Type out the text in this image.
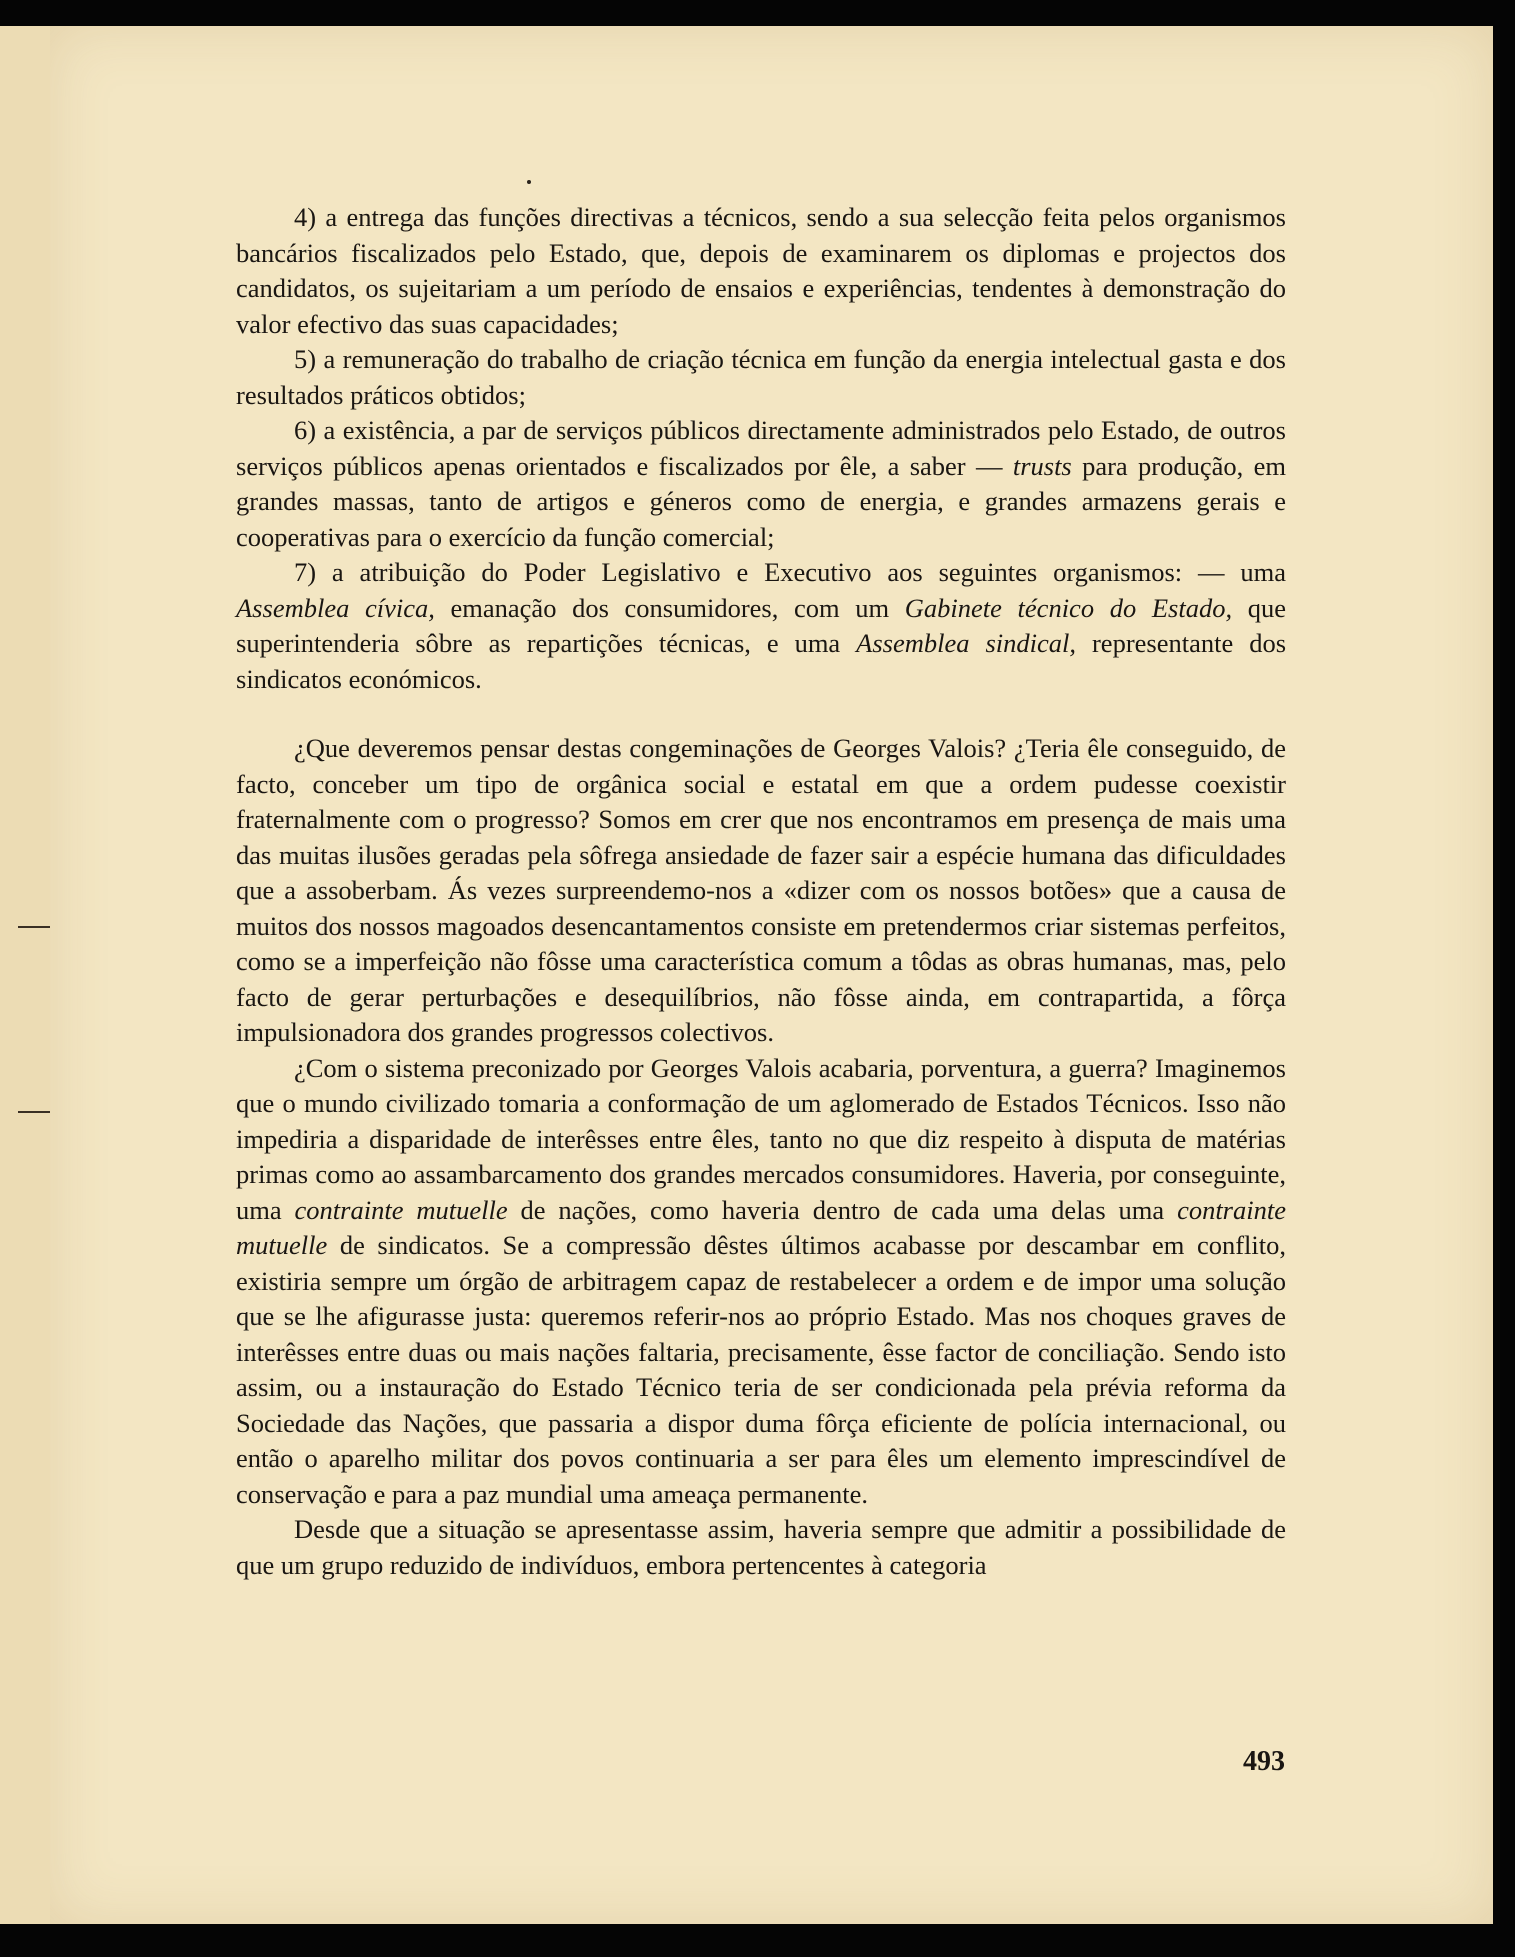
4) a entrega das funções directivas a técnicos, sendo a sua selecção feita pelos organismos bancários fiscalizados pelo Estado, que, depois de examinarem os diplomas e projectos dos candidatos, os sujeitariam a um período de ensaios e experiências, tendentes à demonstração do valor efectivo das suas capacidades;

5) a remuneração do trabalho de criação técnica em função da energia intelectual gasta e dos resultados práticos obtidos;

6) a existência, a par de serviços públicos directamente administrados pelo Estado, de outros serviços públicos apenas orientados e fiscalizados por êle, a saber — trusts para produção, em grandes massas, tanto de artigos e géneros como de energia, e grandes armazens gerais e cooperativas para o exercício da função comercial;

7) a atribuição do Poder Legislativo e Executivo aos seguintes organismos: — uma Assemblea cívica, emanação dos consumidores, com um Gabinete técnico do Estado, que superintenderia sôbre as repartições técnicas, e uma Assemblea sindical, representante dos sindicatos económicos.

¿Que deveremos pensar destas congeminações de Georges Valois? ¿Teria êle conseguido, de facto, conceber um tipo de orgânica social e estatal em que a ordem pudesse coexistir fraternalmente com o progresso? Somos em crer que nos encontramos em presença de mais uma das muitas ilusões geradas pela sôfrega ansiedade de fazer sair a espécie humana das dificuldades que a assoberbam. Ás vezes surpreendemo-nos a «dizer com os nossos botões» que a causa de muitos dos nossos magoados desencantamentos consiste em pretendermos criar sistemas perfeitos, como se a imperfeição não fôsse uma característica comum a tôdas as obras humanas, mas, pelo facto de gerar perturbações e desequilíbrios, não fôsse ainda, em contrapartida, a fôrça impulsionadora dos grandes progressos colectivos.

¿Com o sistema preconizado por Georges Valois acabaria, porventura, a guerra? Imaginemos que o mundo civilizado tomaria a conformação de um aglomerado de Estados Técnicos. Isso não impediria a disparidade de interêsses entre êles, tanto no que diz respeito à disputa de matérias primas como ao assambarcamento dos grandes mercados consumidores. Haveria, por conseguinte, uma contrainte mutuelle de nações, como haveria dentro de cada uma delas uma contrainte mutuelle de sindicatos. Se a compressão dêstes últimos acabasse por descambar em conflito, existiria sempre um órgão de arbitragem capaz de restabelecer a ordem e de impor uma solução que se lhe afigurasse justa: queremos referir-nos ao próprio Estado. Mas nos choques graves de interêsses entre duas ou mais nações faltaria, precisamente, êsse factor de conciliação. Sendo isto assim, ou a instauração do Estado Técnico teria de ser condicionada pela prévia reforma da Sociedade das Nações, que passaria a dispor duma fôrça eficiente de polícia internacional, ou então o aparelho militar dos povos continuaria a ser para êles um elemento imprescindível de conservação e para a paz mundial uma ameaça permanente.

Desde que a situação se apresentasse assim, haveria sempre que admitir a possibilidade de que um grupo reduzido de indivíduos, embora pertencentes à categoria

493
